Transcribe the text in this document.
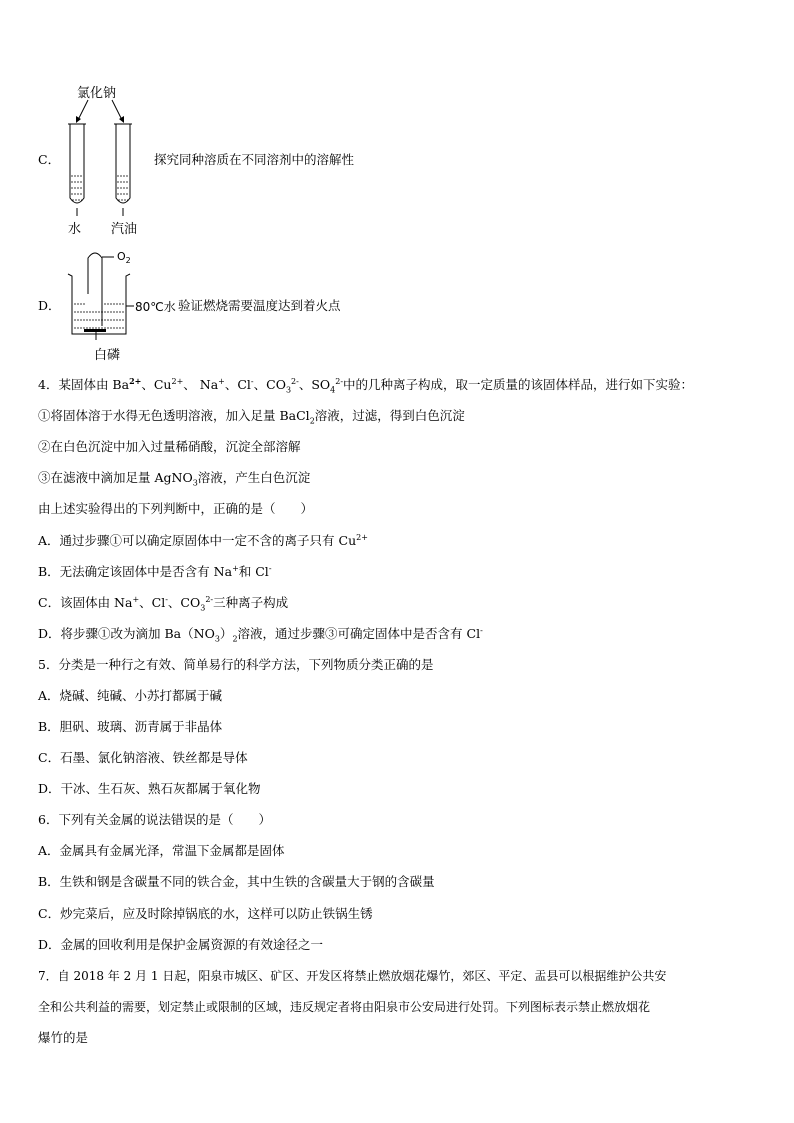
C．
氯化钠
水 汽油
探究同种溶质在不同溶剂中的溶解性
D．
$O_2$
80℃水 验证燃烧需要温度达到着火点
白磷
4．某固体由 $Ba^{2+}$、$Cu^{2+}$、 Na+、Cl-、$CO_3^{2-}$、$SO_4^{2-}$中的几种离子构成，取一定质量的该固体样品，进行如下实验：
①将固体溶于水得无色透明溶液，加入足量 BaCl$_2$溶液，过滤，得到白色沉淀
②在白色沉淀中加入过量稀硝酸，沉淀全部溶解
③在滤液中滴加足量 AgNO$_3$溶液，产生白色沉淀
由上述实验得出的下列判断中，正确的是（　　）
A．通过步骤①可以确定原固体中一定不含的离子只有 $Cu^{2+}$
B．无法确定该固体中是否含有 Na+和 Cl-
C．该固体由 Na+、Cl-、$CO_3^{2-}$三种离子构成
D．将步骤①改为滴加 $Ba(NO_3)_2$溶液，通过步骤③可确定固体中是否含有 Cl-
5．分类是一种行之有效、简单易行的科学方法，下列物质分类正确的是
A．烧碱、纯碱、小苏打都属于碱
B．胆矾、玻璃、沥青属于非晶体
C．石墨、氯化钠溶液、铁丝都是导体
D．干冰、生石灰、熟石灰都属于氧化物
6．下列有关金属的说法错误的是（　　）
A．金属具有金属光泽，常温下金属都是固体
B．生铁和钢是含碳量不同的铁合金，其中生铁的含碳量大于钢的含碳量
C．炒完菜后，应及时除掉锅底的水，这样可以防止铁锅生锈
D．金属的回收利用是保护金属资源的有效途径之一
7．自 2018 年 2 月 1 日起，阳泉市城区、矿区、开发区将禁止燃放烟花爆竹，郊区、平定、盂县可以根据维护公共安
全和公共利益的需要，划定禁止或限制的区域，违反规定者将由阳泉市公安局进行处罚。下列图标表示禁止燃放烟花
爆竹的是
